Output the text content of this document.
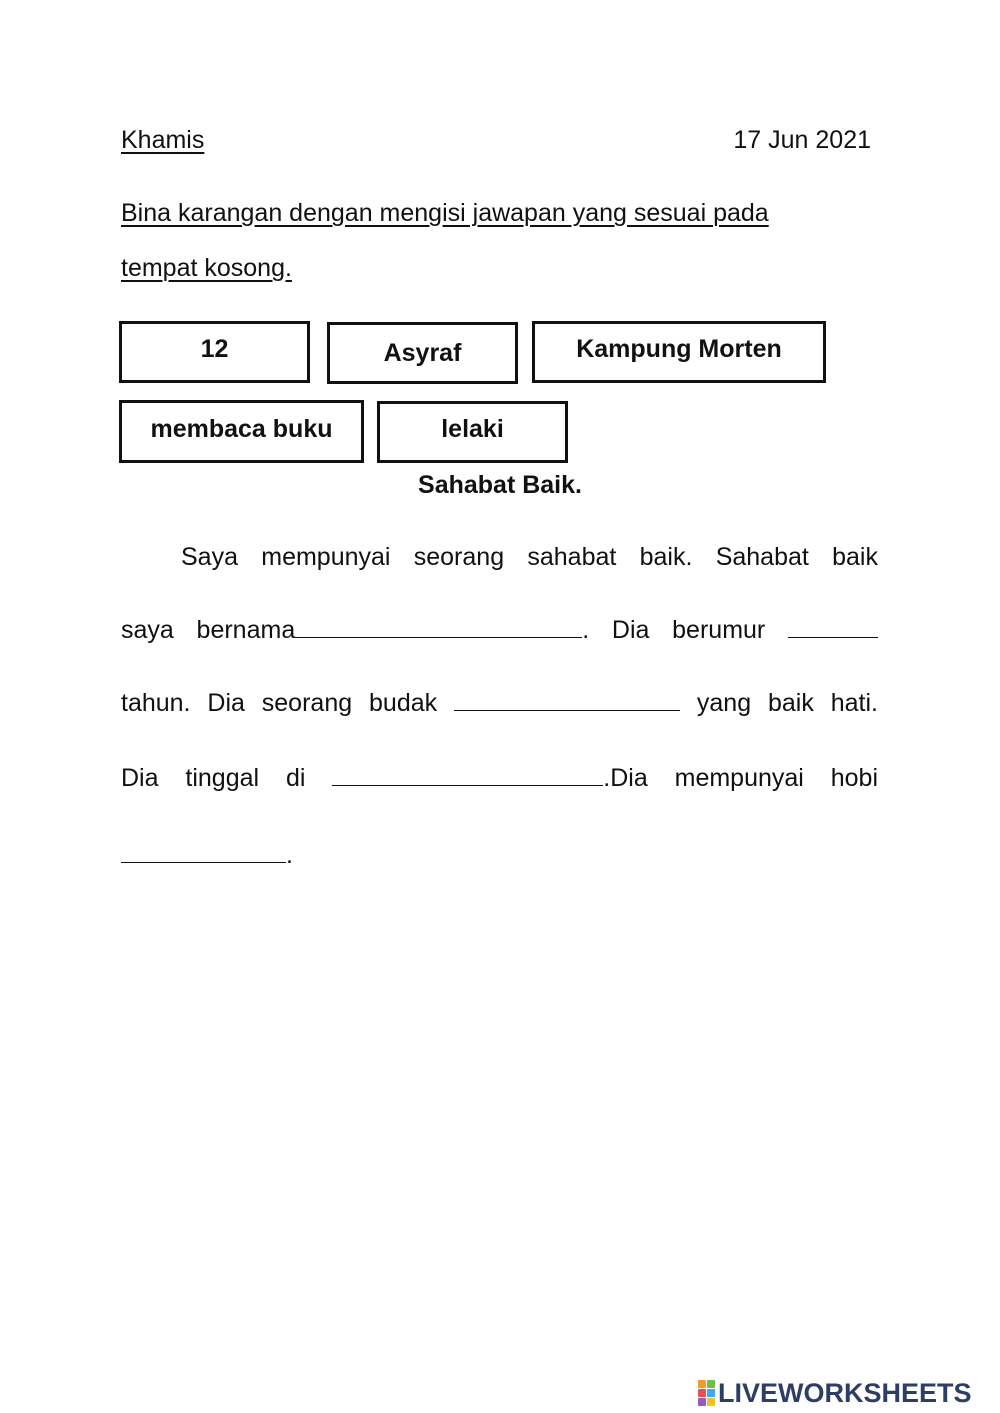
Khamis	17 Jun 2021
Bina karangan dengan mengisi jawapan yang sesuai pada
tempat kosong.
12	Asyraf	Kampung Morten
membaca buku	lelaki
Sahabat Baik.
Saya mempunyai seorang sahabat baik. Sahabat baik
saya bernama	. Dia berumur
tahun. Dia seorang budak	yang baik hati.
Dia tinggal di	.Dia mempunyai hobi
.
LIVEWORKSHEETS
